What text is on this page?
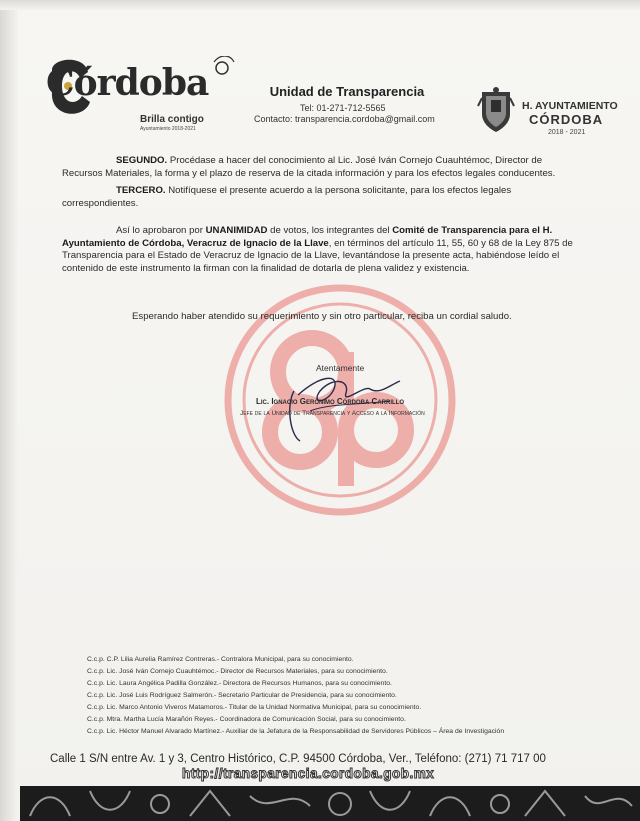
Córdoba
Brilla contigo
Ayuntamiento 2018-2021
Unidad de Transparencia
Tel: 01-271-712-5565
Contacto: transparencia.cordoba@gmail.com
H. AYUNTAMIENTO
CÓRDOBA
2018 - 2021
SEGUNDO. Procédase a hacer del conocimiento al Lic. José Iván Cornejo Cuauhtémoc, Director de Recursos Materiales, la forma y el plazo de reserva de la citada información y para los efectos legales conducentes.
TERCERO. Notifíquese el presente acuerdo a la persona solicitante, para los efectos legales correspondientes.
Así lo aprobaron por UNANIMIDAD de votos, los integrantes del Comité de Transparencia para el H. Ayuntamiento de Córdoba, Veracruz de Ignacio de la Llave, en términos del artículo 11, 55, 60 y 68 de la Ley 875 de Transparencia para el Estado de Veracruz de Ignacio de la Llave, levantándose la presente acta, habiéndose leído el contenido de este instrumento la firman con la finalidad de dotarla de plena validez y existencia.
Esperando haber atendido su requerimiento y sin otro particular, reciba un cordial saludo.
Atentamente
Lic. Ignacio Gerónimo Córdoba Carrillo
Jefe de la Unidad de Transparencia y Acceso a la Información
C.c.p. C.P. Lilia Aurelia Ramírez Contreras.- Contralora Municipal, para su conocimiento.
C.c.p. Lic. José Iván Cornejo Cuauhtémoc.- Director de Recursos Materiales, para su conocimiento.
C.c.p. Lic. Laura Angélica Padilla González.- Directora de Recursos Humanos, para su conocimiento.
C.c.p. Lic. José Luis Rodríguez Salmerón.- Secretario Particular de Presidencia, para su conocimiento.
C.c.p. Lic. Marco Antonio Viveros Matamoros.- Titular de la Unidad Normativa Municipal, para su conocimiento.
C.c.p. Mtra. Martha Lucía Marañón Reyes.- Coordinadora de Comunicación Social, para su conocimiento.
C.c.p. Lic. Héctor Manuel Alvarado Martínez.- Auxiliar de la Jefatura de la Responsabilidad de Servidores Públicos – Área de Investigación
Calle 1 S/N entre Av. 1 y 3, Centro Histórico, C.P. 94500 Córdoba, Ver., Teléfono: (271) 71 717 00
http://transparencia.cordoba.gob.mx
